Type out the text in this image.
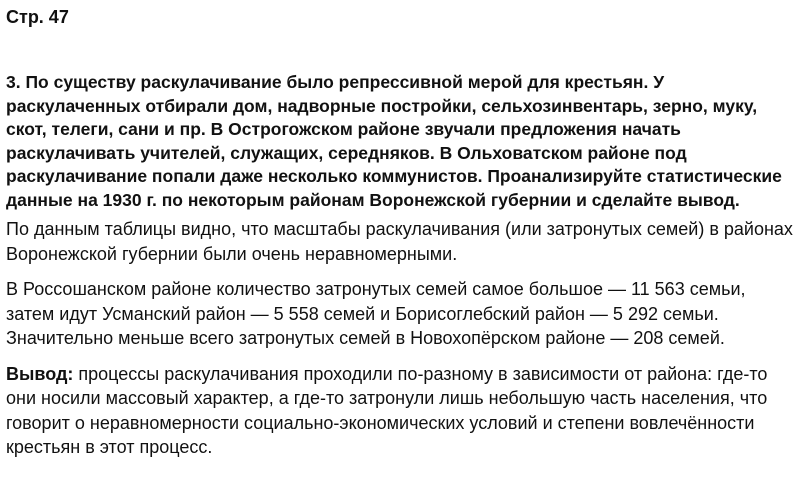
Стр. 47

3. По существу раскулачивание было репрессивной мерой для крестьян. У раскулаченных отбирали дом, надворные постройки, сельхозинвентарь, зерно, муку, скот, телеги, сани и пр. В Острогожском районе звучали предложения начать раскулачивать учителей, служащих, середняков. В Ольховатском районе под раскулачивание попали даже несколько коммунистов. Проанализируйте статистические данные на 1930 г. по некоторым районам Воронежской губернии и сделайте вывод.

По данным таблицы видно, что масштабы раскулачивания (или затронутых семей) в районах Воронежской губернии были очень неравномерными.

В Россошанском районе количество затронутых семей самое большое — 11 563 семьи, затем идут Усманский район — 5 558 семей и Борисоглебский район — 5 292 семьи. Значительно меньше всего затронутых семей в Новохопёрском районе — 208 семей.

Вывод: процессы раскулачивания проходили по-разному в зависимости от района: где-то они носили массовый характер, а где-то затронули лишь небольшую часть населения, что говорит о неравномерности социально-экономических условий и степени вовлечённости крестьян в этот процесс.
